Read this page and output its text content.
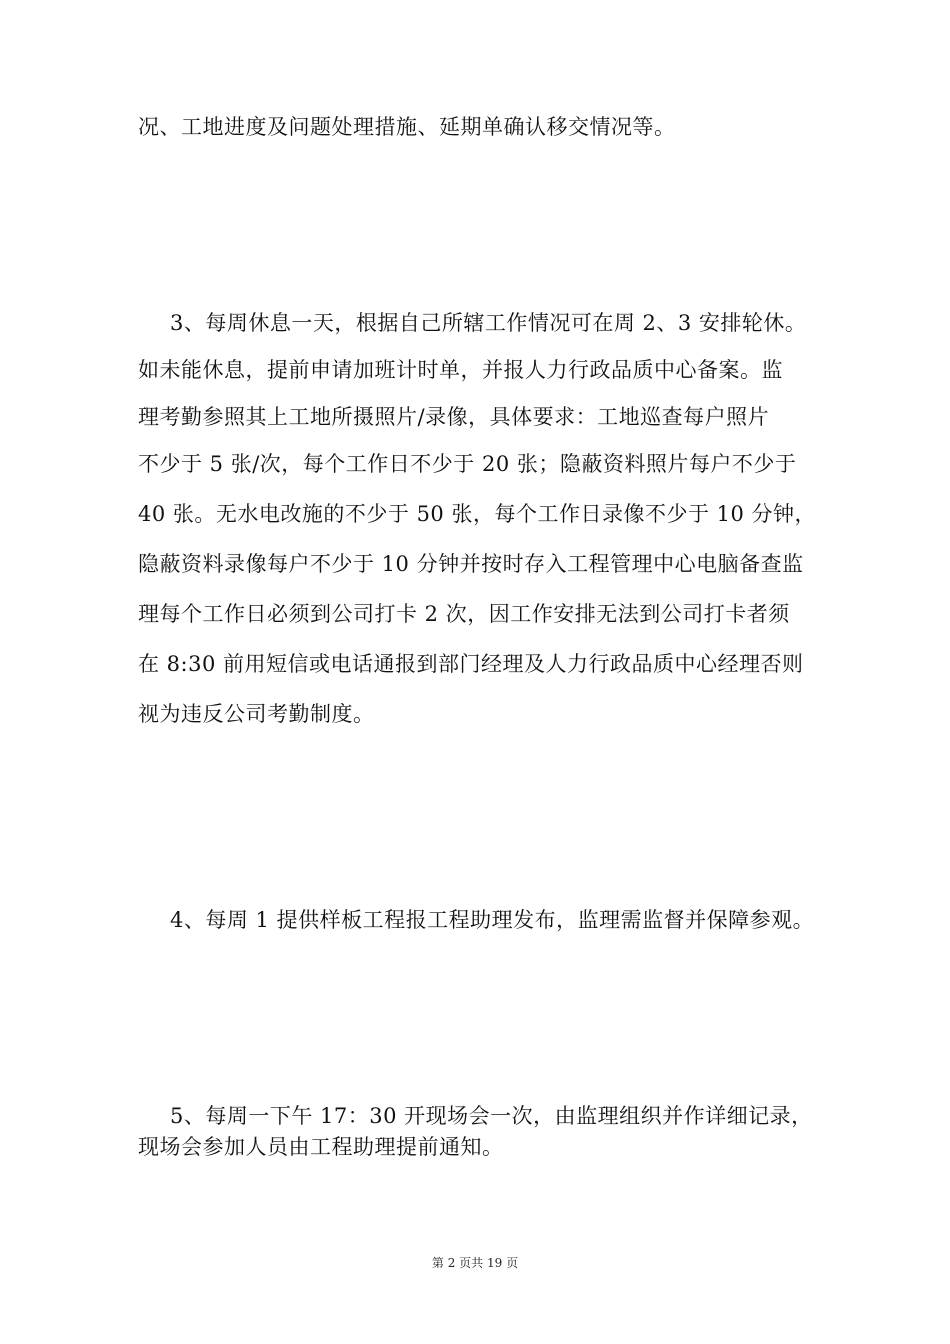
况、工地进度及问题处理措施、延期单确认移交情况等。
3、每周休息一天，根据自己所辖工作情况可在周 2、3 安排轮休。
如未能休息，提前申请加班计时单，并报人力行政品质中心备案。监
理考勤参照其上工地所摄照片/录像，具体要求：工地巡查每户照片
不少于 5 张/次，每个工作日不少于 20 张；隐蔽资料照片每户不少于
40 张。无水电改施的不少于 50 张，每个工作日录像不少于 10 分钟，
隐蔽资料录像每户不少于 10 分钟并按时存入工程管理中心电脑备查监
理每个工作日必须到公司打卡 2 次，因工作安排无法到公司打卡者须
在 8:30 前用短信或电话通报到部门经理及人力行政品质中心经理否则
视为违反公司考勤制度。
4、每周 1 提供样板工程报工程助理发布，监理需监督并保障参观。
5、每周一下午 17：30 开现场会一次，由监理组织并作详细记录，
现场会参加人员由工程助理提前通知。
第 2 页共 19 页
